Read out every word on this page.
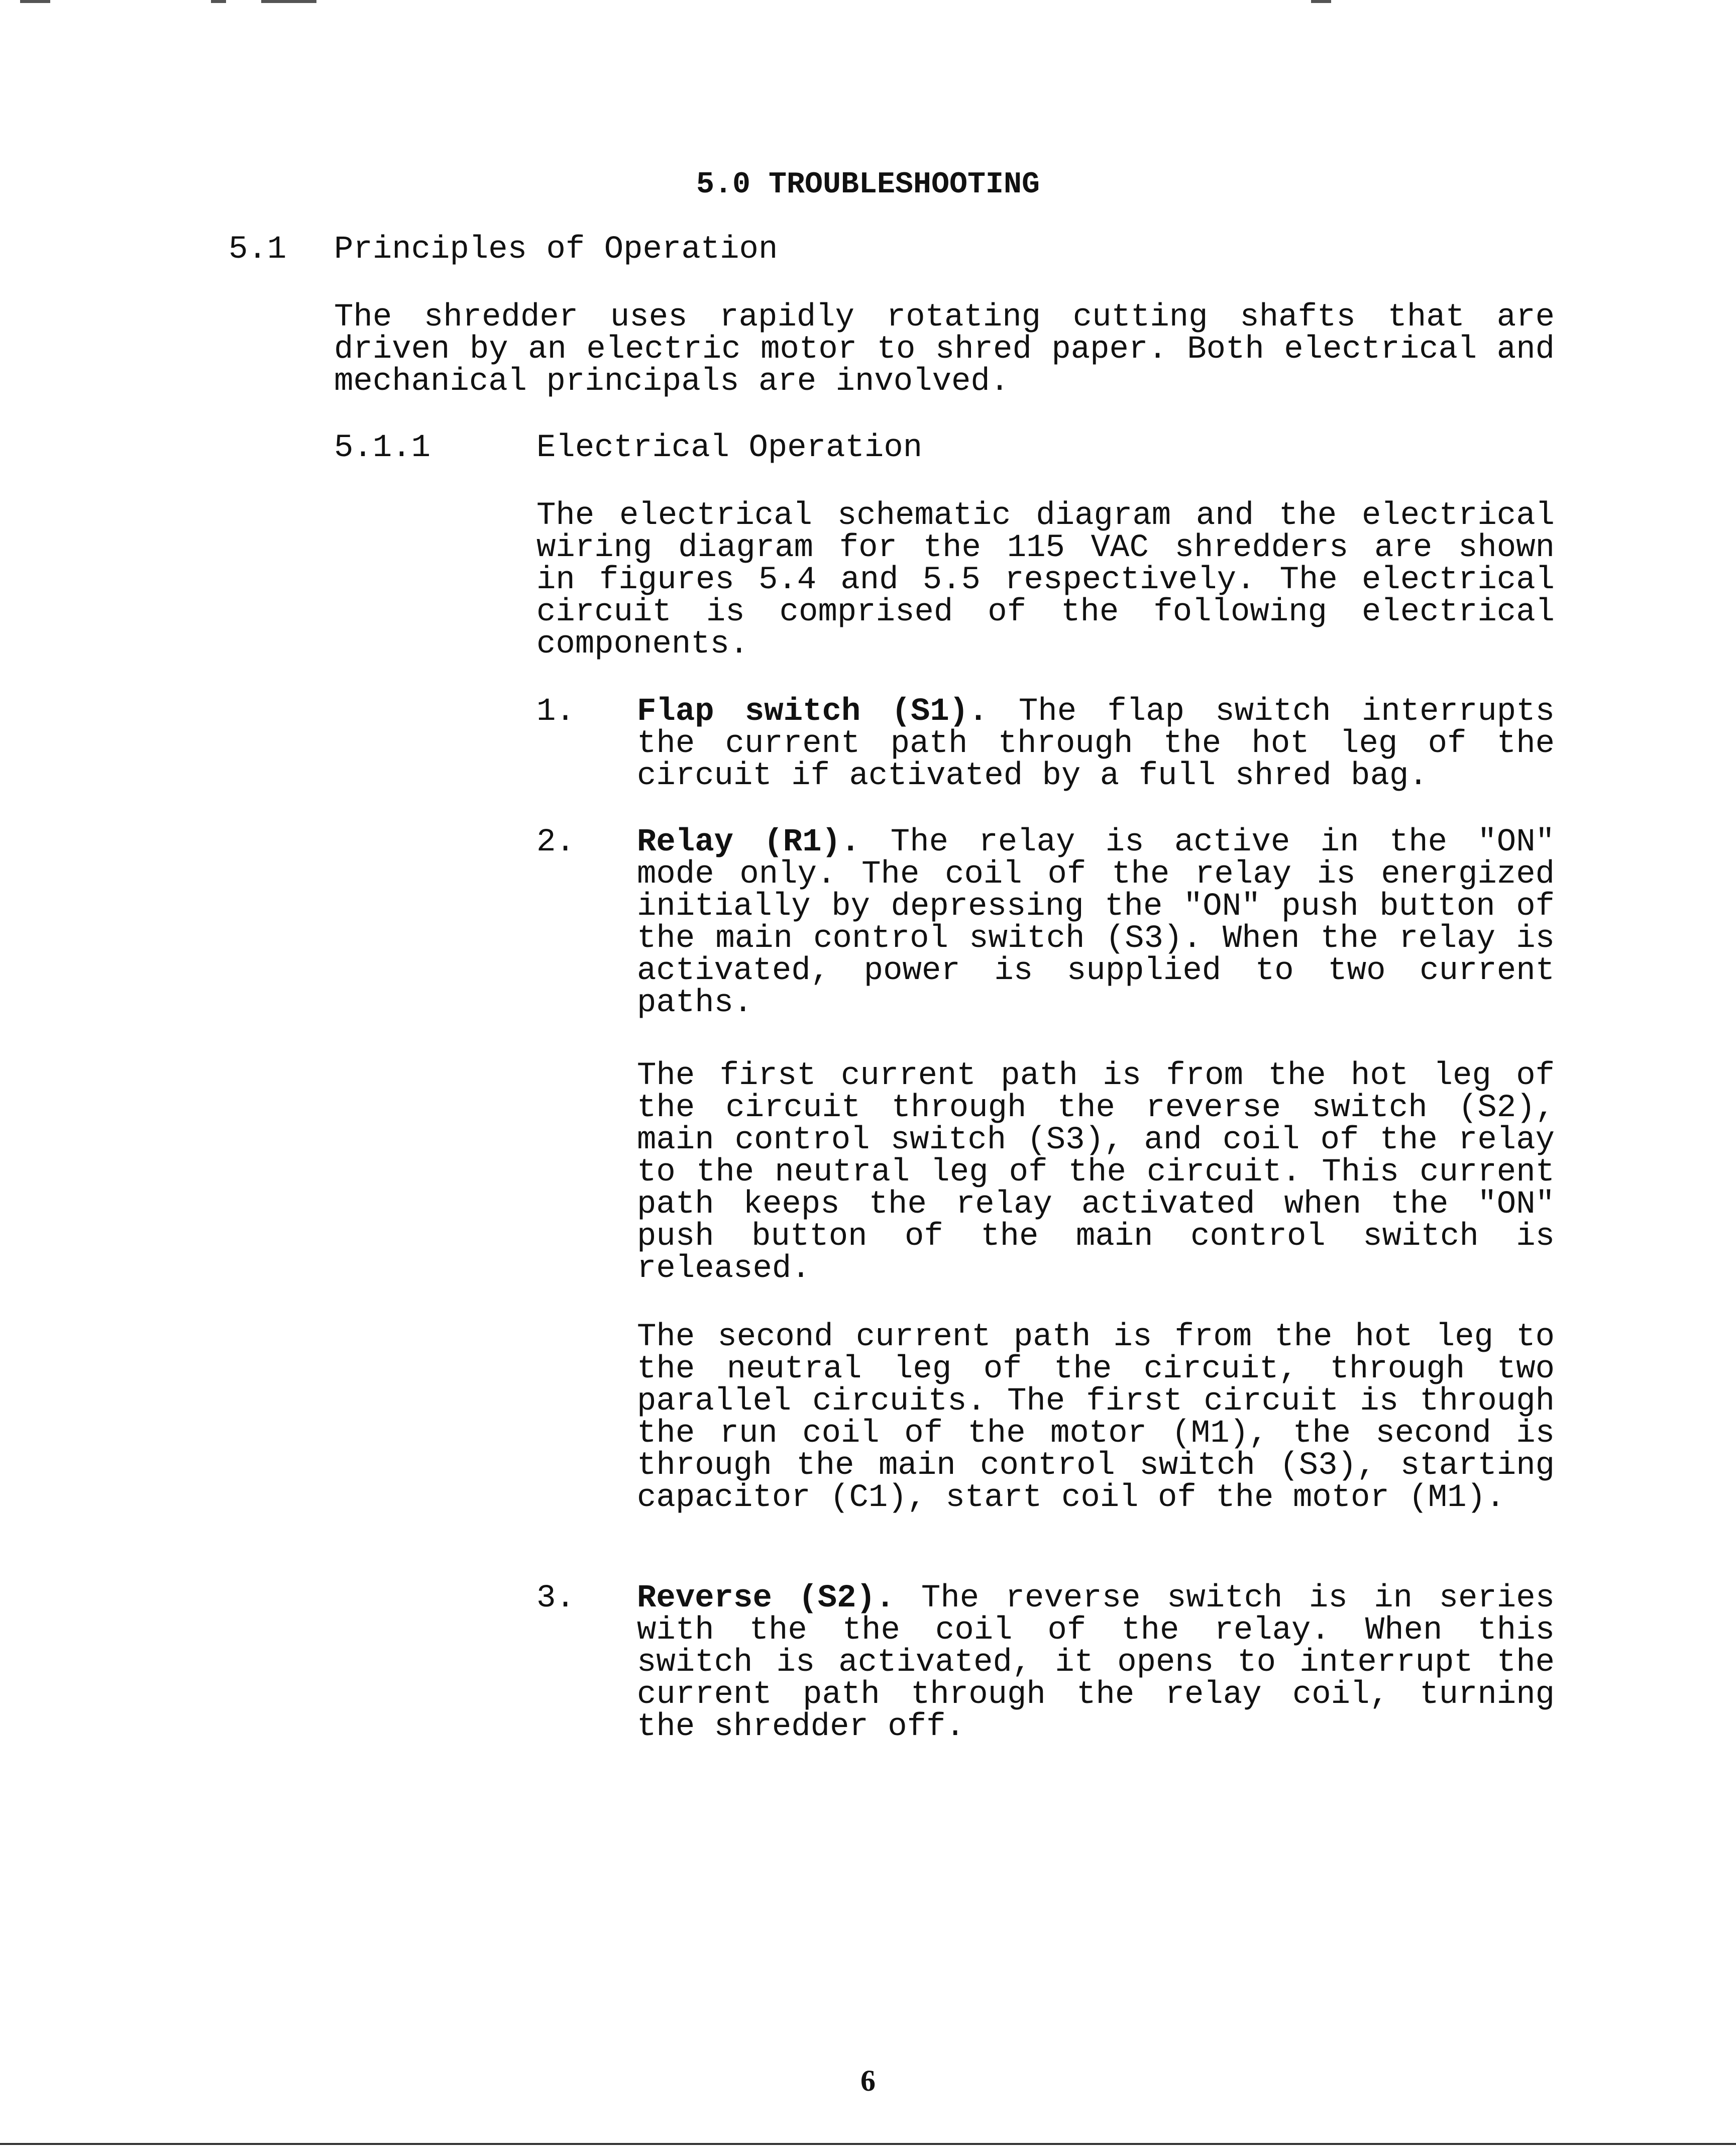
5.0 TROUBLESHOOTING
5.1 Principles of Operation
The shredder uses rapidly rotating cutting shafts that are driven by an electric motor to shred paper. Both electrical and mechanical principals are involved.
5.1.1	Electrical Operation
The electrical schematic diagram and the electrical wiring diagram for the 115 VAC shredders are shown in figures 5.4 and 5.5 respectively. The electrical circuit is comprised of the following electrical components.
1. Flap switch (S1). The flap switch interrupts the current path through the hot leg of the circuit if activated by a full shred bag.
2. Relay (R1). The relay is active in the "ON" mode only. The coil of the relay is energized initially by depressing the "ON" push button of the main control switch (S3). When the relay is activated, power is supplied to two current paths.
The first current path is from the hot leg of the circuit through the reverse switch (S2), main control switch (S3), and coil of the relay to the neutral leg of the circuit. This current path keeps the relay activated when the "ON" push button of the main control switch is released.
The second current path is from the hot leg to the neutral leg of the circuit, through two parallel circuits. The first circuit is through the run coil of the motor (M1), the second is through the main control switch (S3), starting capacitor (C1), start coil of the motor (M1).
3. Reverse (S2). The reverse switch is in series with the the coil of the relay. When this switch is activated, it opens to interrupt the current path through the relay coil, turning the shredder off.
6
